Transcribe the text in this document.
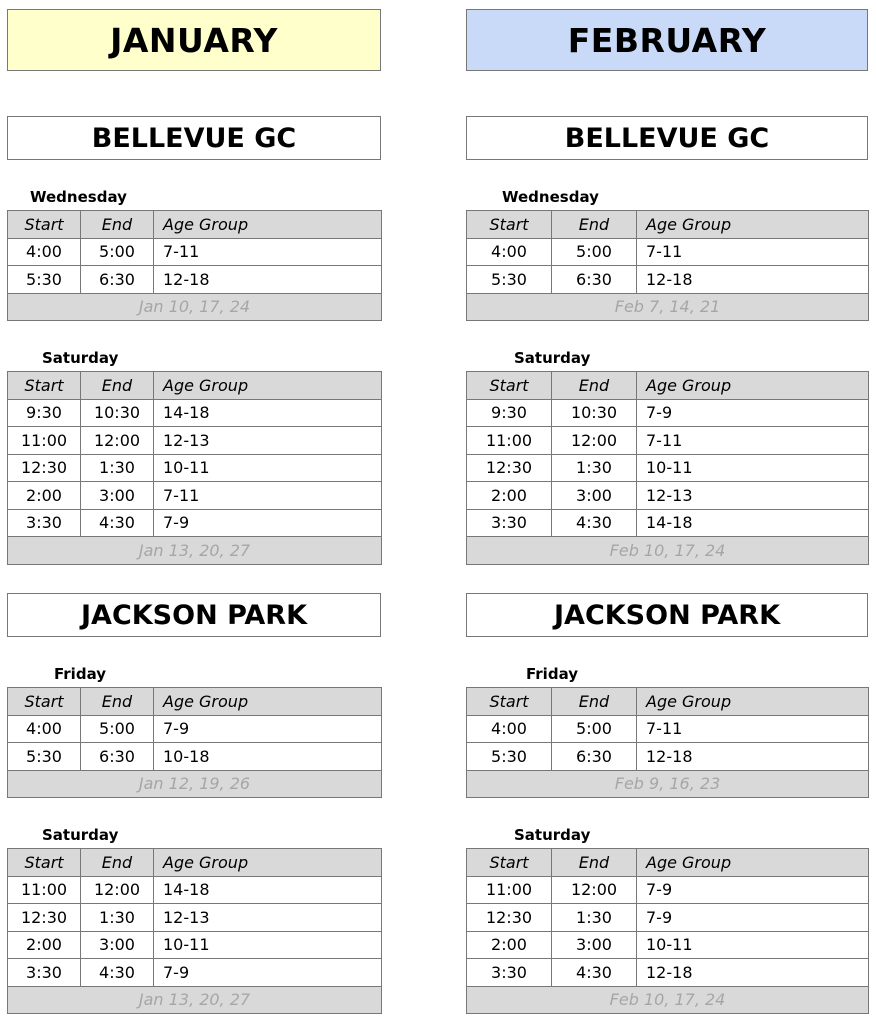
JANUARY
BELLEVUE GC
Wednesday
Start	End	Age Group
4:00	5:00	7-11
5:30	6:30	12-18
Jan 10, 17, 24		
Saturday
Start	End	Age Group
9:30	10:30	14-18
11:00	12:00	12-13
12:30	1:30	10-11
2:00	3:00	7-11
3:30	4:30	7-9
Jan 13, 20, 27		
JACKSON PARK
Friday
Start	End	Age Group
4:00	5:00	7-9
5:30	6:30	10-18
Jan 12, 19, 26		
Saturday
Start	End	Age Group
11:00	12:00	14-18
12:30	1:30	12-13
2:00	3:00	10-11
3:30	4:30	7-9
Jan 13, 20, 27		
FEBRUARY
BELLEVUE GC
Wednesday
Start	End	Age Group
4:00	5:00	7-11
5:30	6:30	12-18
Feb 7, 14, 21		
Saturday
Start	End	Age Group
9:30	10:30	7-9
11:00	12:00	7-11
12:30	1:30	10-11
2:00	3:00	12-13
3:30	4:30	14-18
Feb 10, 17, 24		
JACKSON PARK
Friday
Start	End	Age Group
4:00	5:00	7-11
5:30	6:30	12-18
Feb 9, 16, 23		
Saturday
Start	End	Age Group
11:00	12:00	7-9
12:30	1:30	7-9
2:00	3:00	10-11
3:30	4:30	12-18
Feb 10, 17, 24		
